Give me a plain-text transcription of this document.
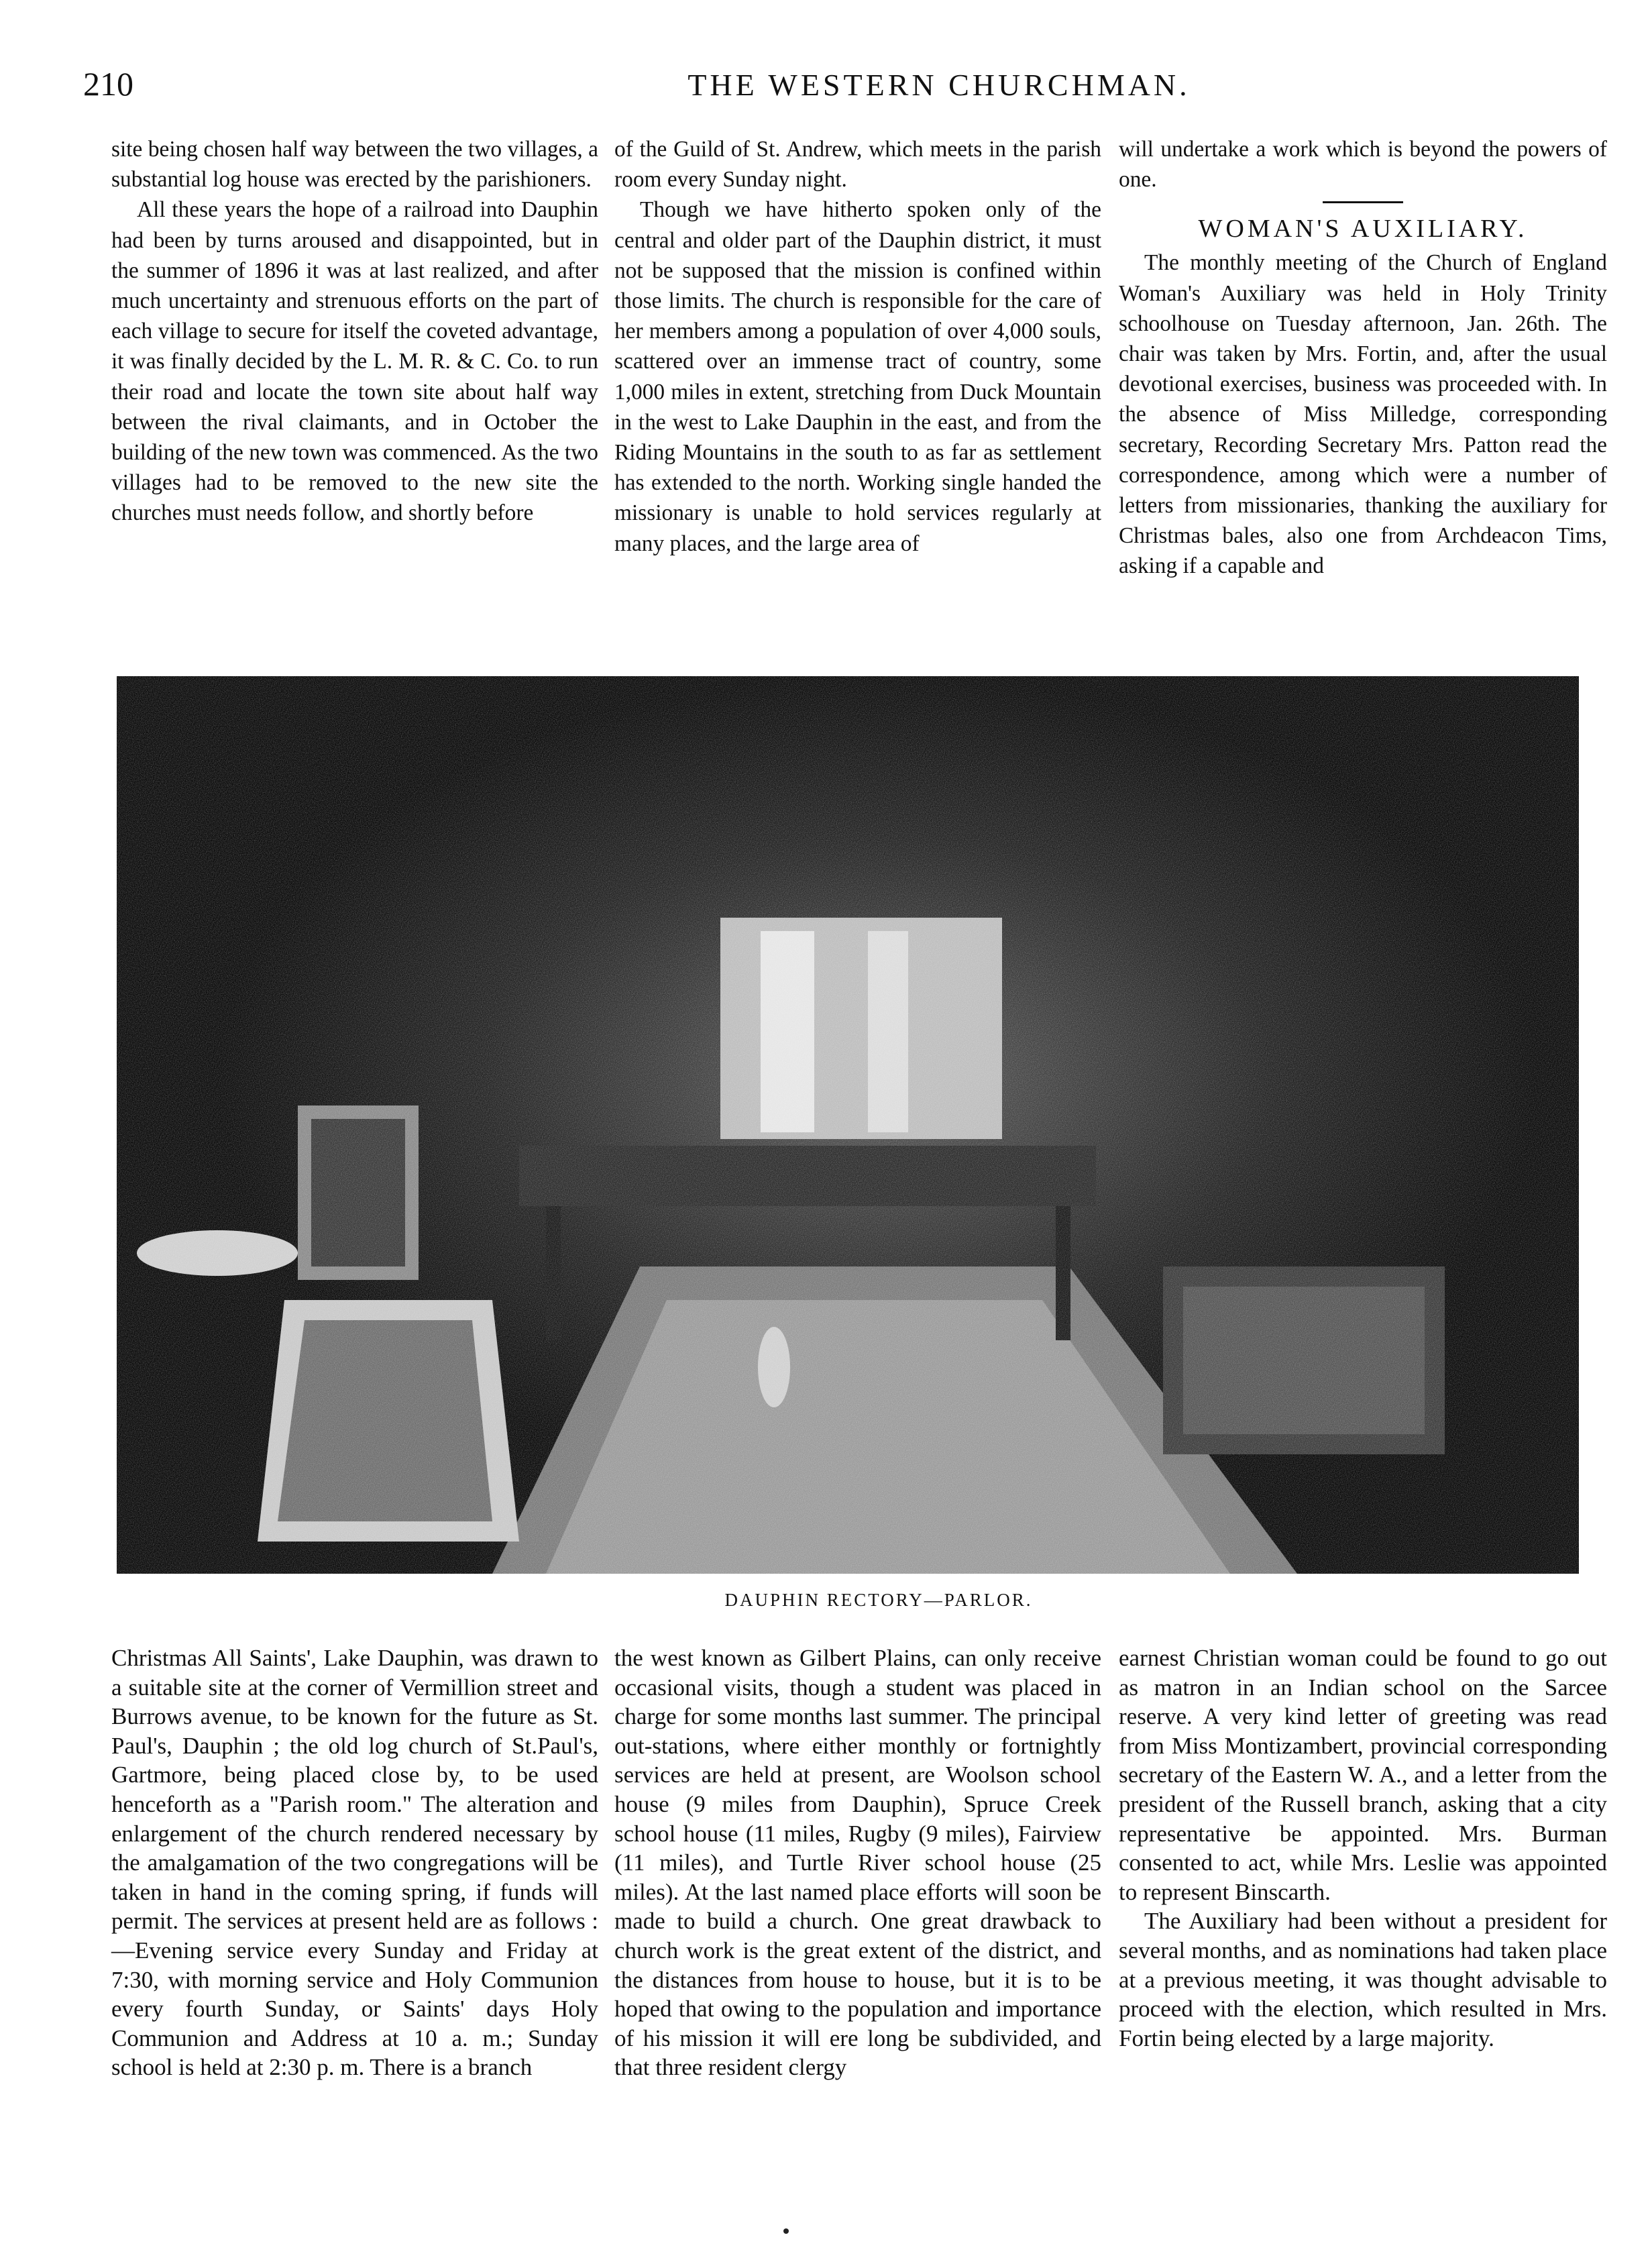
210	THE WESTERN CHURCHMAN.

site being chosen half way between the two villages, a substantial log house was erected by the parishioners.

All these years the hope of a railroad into Dauphin had been by turns aroused and disappointed, but in the summer of 1896 it was at last realized, and after much uncertainty and strenuous efforts on the part of each village to secure for itself the coveted advantage, it was finally decided by the L. M. R. & C. Co. to run their road and locate the town site about half way between the rival claimants, and in October the building of the new town was commenced. As the two villages had to be removed to the new site the churches must needs follow, and shortly before

of the Guild of St. Andrew, which meets in the parish room every Sunday night.

Though we have hitherto spoken only of the central and older part of the Dauphin district, it must not be supposed that the mission is confined within those limits. The church is responsible for the care of her members among a population of over 4,000 souls, scattered over an immense tract of country, some 1,000 miles in extent, stretching from Duck Mountain in the west to Lake Dauphin in the east, and from the Riding Mountains in the south to as far as settlement has extended to the north. Working single handed the missionary is unable to hold services regularly at many places, and the large area of

will undertake a work which is beyond the powers of one.

WOMAN'S AUXILIARY.

The monthly meeting of the Church of England Woman's Auxiliary was held in Holy Trinity schoolhouse on Tuesday afternoon, Jan. 26th. The chair was taken by Mrs. Fortin, and, after the usual devotional exercises, business was proceeded with. In the absence of Miss Milledge, corresponding secretary, Recording Secretary Mrs. Patton read the correspondence, among which were a number of letters from missionaries, thanking the auxiliary for Christmas bales, also one from Archdeacon Tims, asking if a capable and

DAUPHIN RECTORY—PARLOR.

Christmas All Saints', Lake Dauphin, was drawn to a suitable site at the corner of Vermillion street and Burrows avenue, to be known for the future as St. Paul's, Dauphin ; the old log church of St.Paul's, Gartmore, being placed close by, to be used henceforth as a "Parish room." The alteration and enlargement of the church rendered necessary by the amalgamation of the two congregations will be taken in hand in the coming spring, if funds will permit. The services at present held are as follows :—Evening service every Sunday and Friday at 7:30, with morning service and Holy Communion every fourth Sunday, or Saints' days Holy Communion and Address at 10 a. m.; Sunday school is held at 2:30 p. m. There is a branch

the west known as Gilbert Plains, can only receive occasional visits, though a student was placed in charge for some months last summer. The principal out-stations, where either monthly or fortnightly services are held at present, are Woolson school house (9 miles from Dauphin), Spruce Creek school house (11 miles, Rugby (9 miles), Fairview (11 miles), and Turtle River school house (25 miles). At the last named place efforts will soon be made to build a church. One great drawback to church work is the great extent of the district, and the distances from house to house, but it is to be hoped that owing to the population and importance of his mission it will ere long be subdivided, and that three resident clergy

earnest Christian woman could be found to go out as matron in an Indian school on the Sarcee reserve. A very kind letter of greeting was read from Miss Montizambert, provincial corresponding secretary of the Eastern W. A., and a letter from the president of the Russell branch, asking that a city representative be appointed. Mrs. Burman consented to act, while Mrs. Leslie was appointed to represent Binscarth.

The Auxiliary had been without a president for several months, and as nominations had taken place at a previous meeting, it was thought advisable to proceed with the election, which resulted in Mrs. Fortin being elected by a large majority.
